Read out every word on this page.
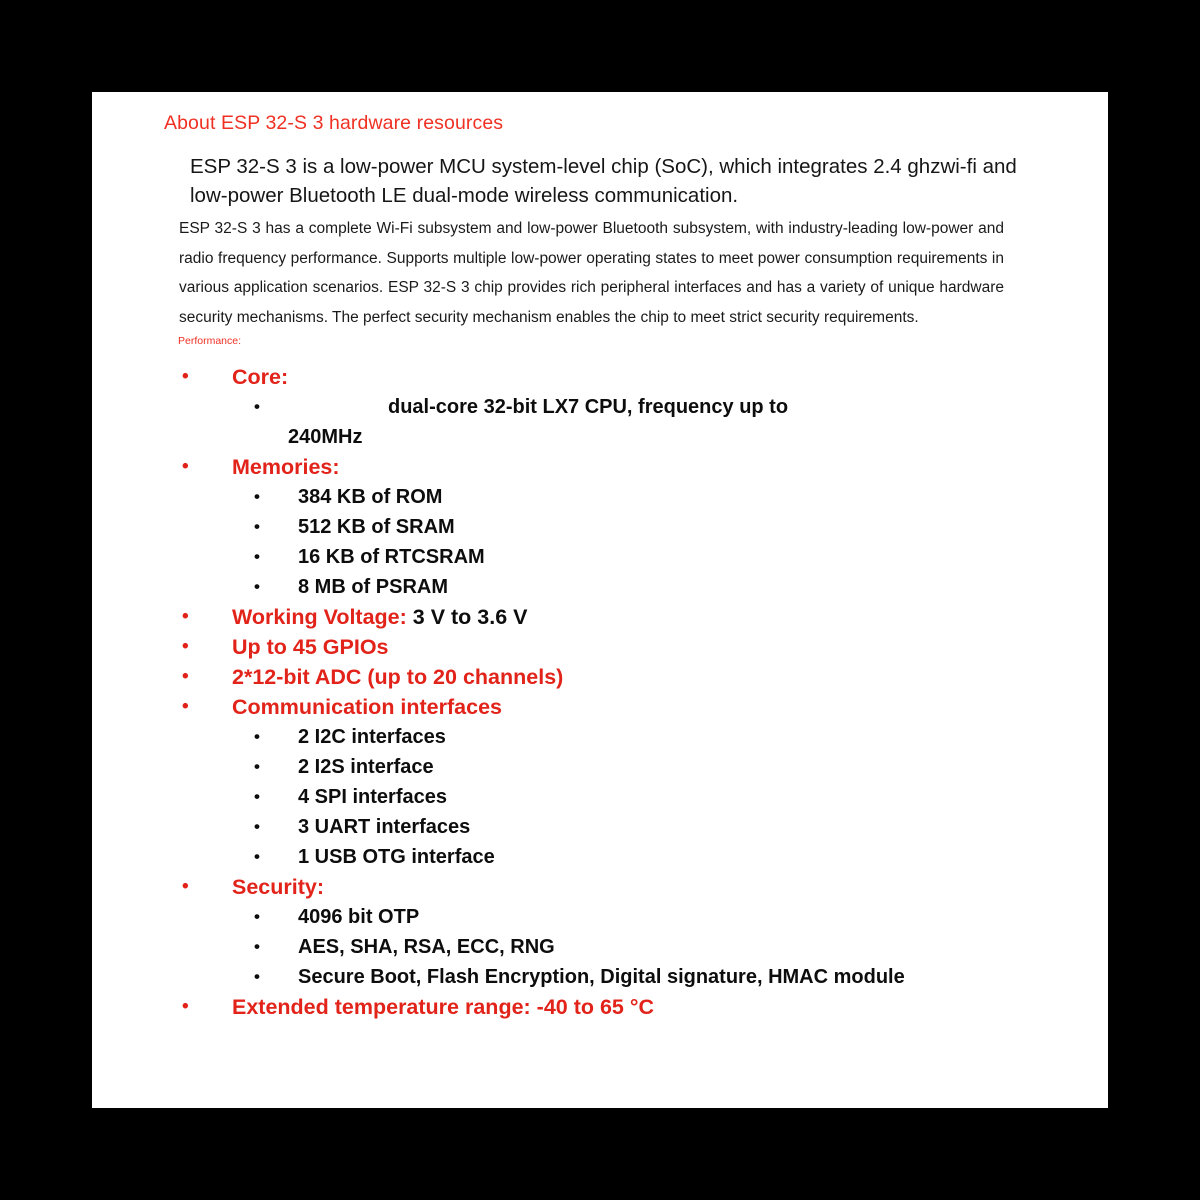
About ESP 32-S 3 hardware resources
ESP 32-S 3 is a low-power MCU system-level chip (SoC), which integrates 2.4 ghzwi-fi and low-power Bluetooth LE dual-mode wireless communication.
ESP 32-S 3 has a complete Wi-Fi subsystem and low-power Bluetooth subsystem, with industry-leading low-power and radio frequency performance. Supports multiple low-power operating states to meet power consumption requirements in various application scenarios. ESP 32-S 3 chip provides rich peripheral interfaces and has a variety of unique hardware security mechanisms. The perfect security mechanism enables the chip to meet strict security requirements.
Performance:
• Core:
•	dual-core 32-bit LX7 CPU, frequency up to
240MHz
• Memories:
• 384 KB of ROM
• 512 KB of SRAM
• 16 KB of RTCSRAM
• 8 MB of PSRAM
• Working Voltage: 3 V to 3.6 V
• Up to 45 GPIOs
• 2*12-bit ADC (up to 20 channels)
• Communication interfaces
• 2 I2C interfaces
• 2 I2S interface
• 4 SPI interfaces
• 3 UART interfaces
• 1 USB OTG interface
• Security:
• 4096 bit OTP
• AES, SHA, RSA, ECC, RNG
• Secure Boot, Flash Encryption, Digital signature, HMAC module
• Extended temperature range: -40 to 65 °C
